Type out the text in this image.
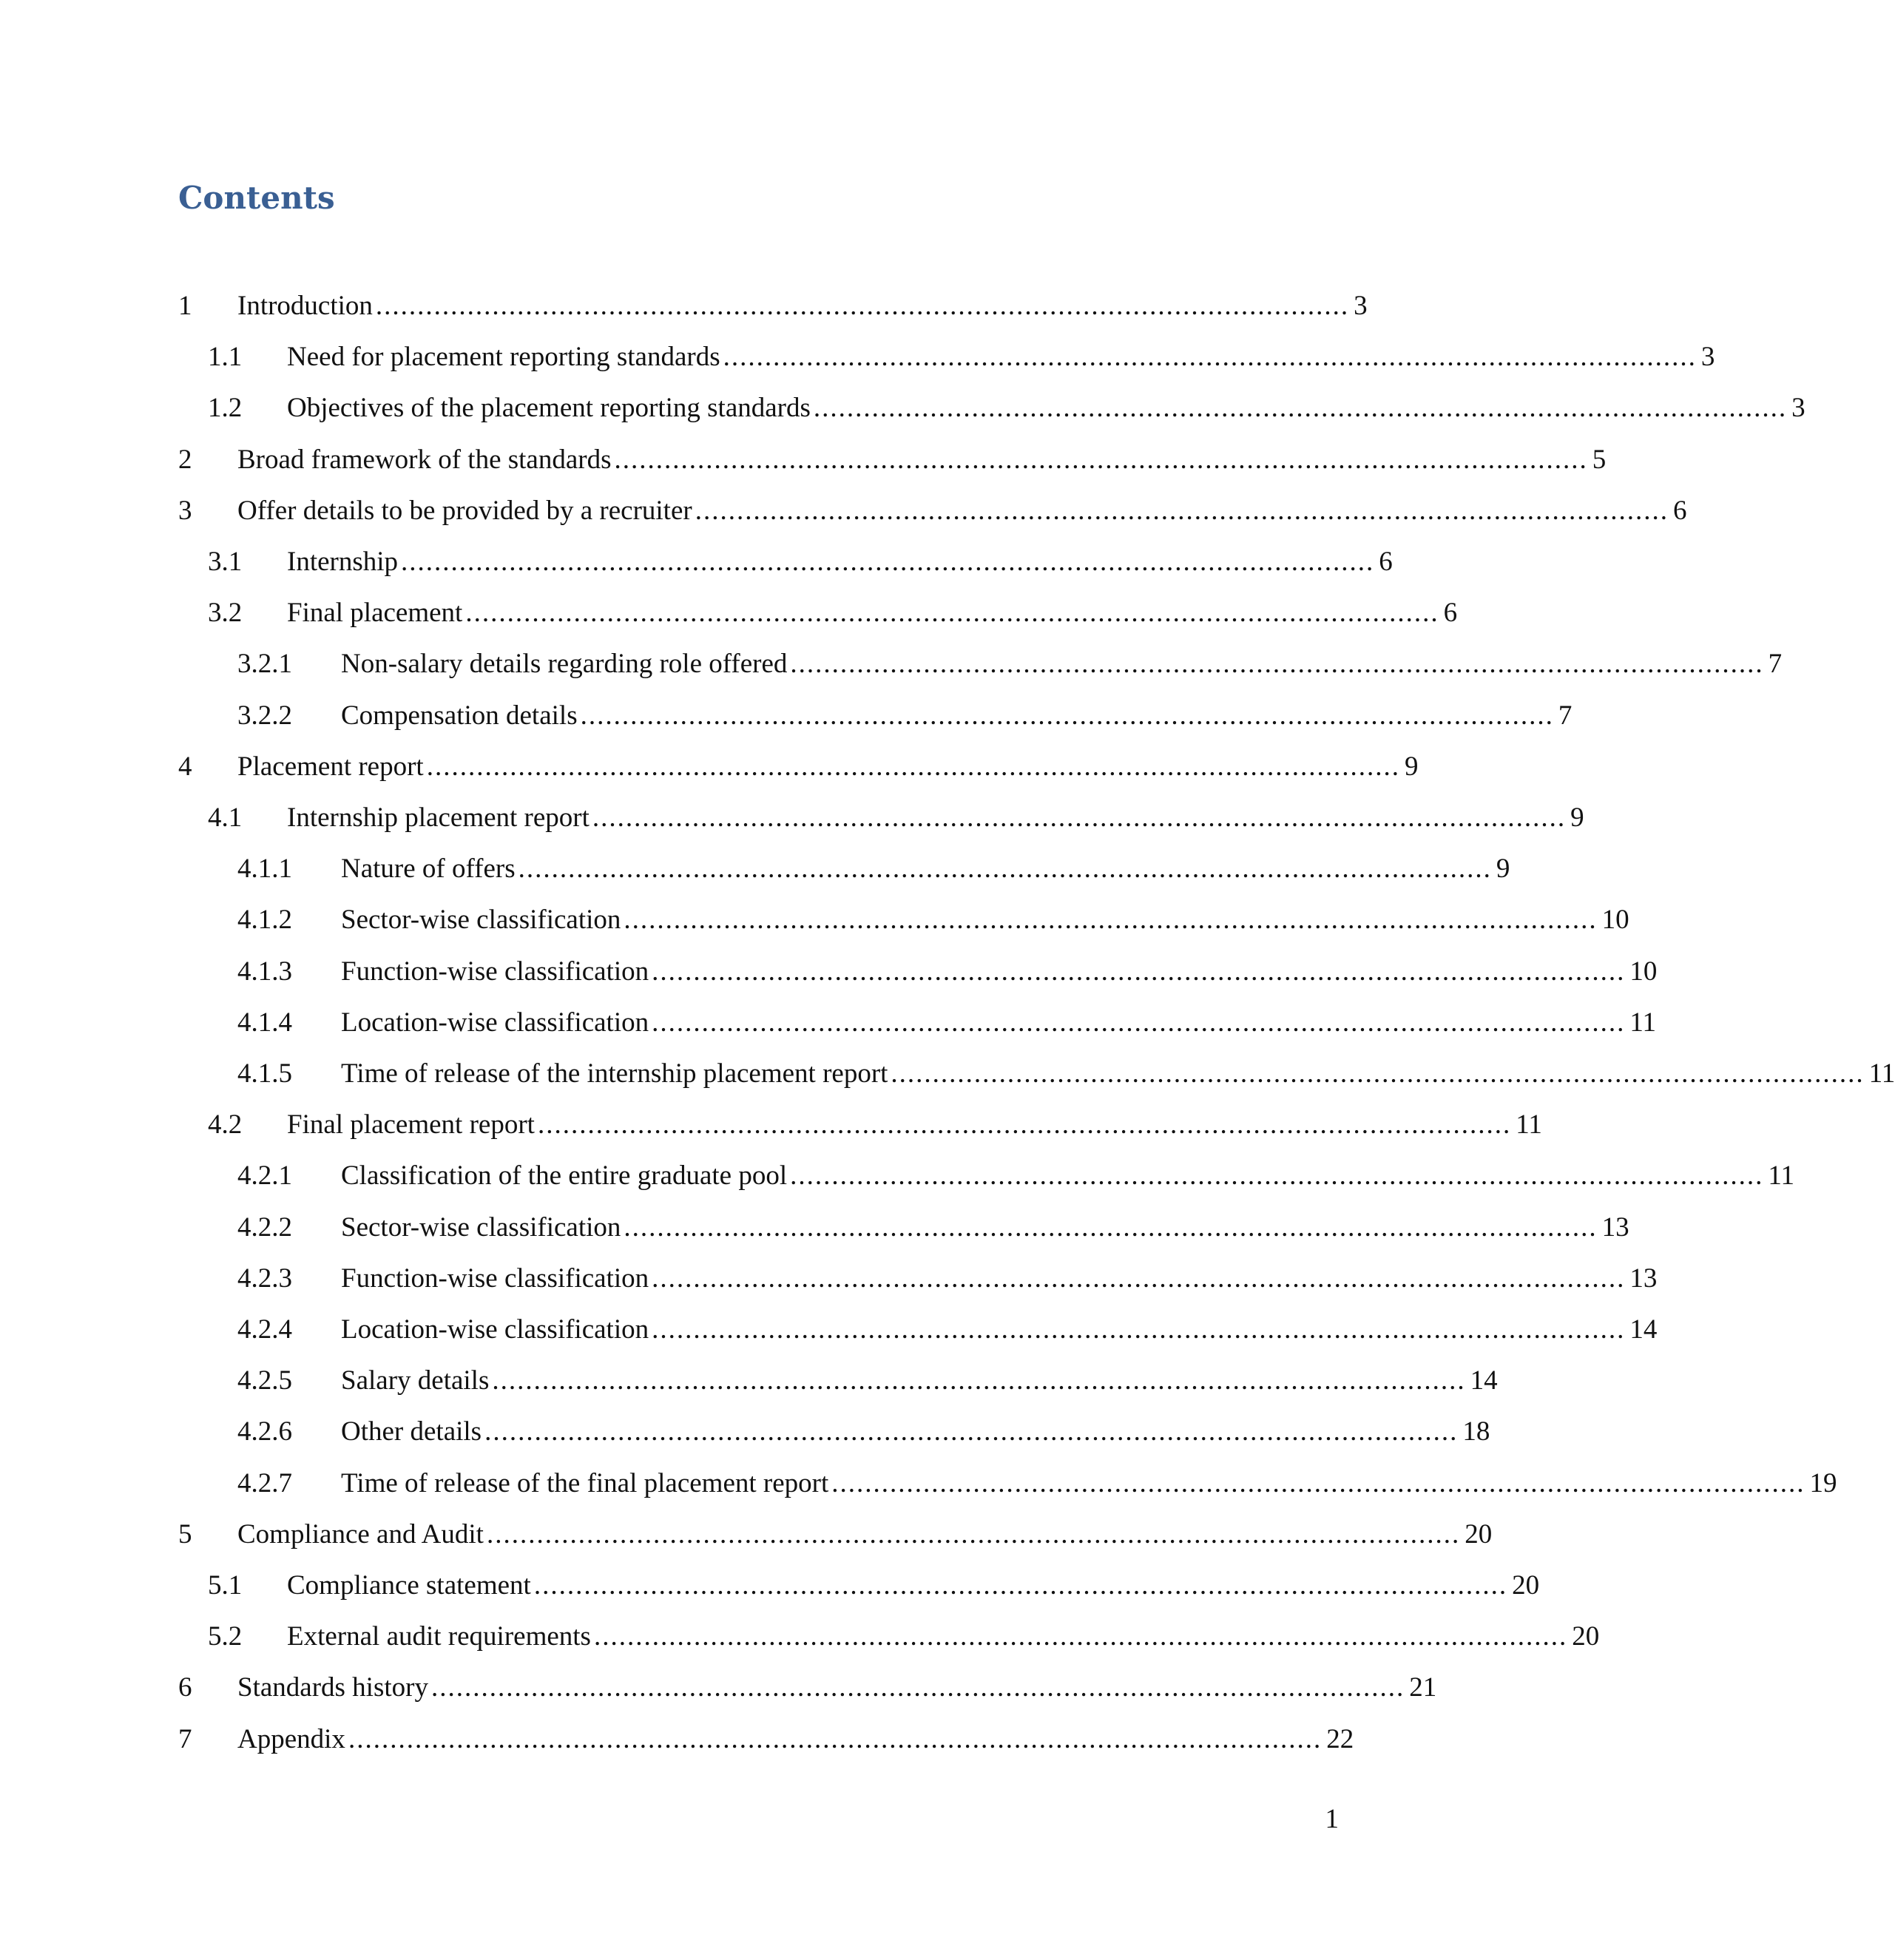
Contents
1 Introduction ..................................................................................................................... 3
1.1 Need for placement reporting standards ..................................................................................................................... 3
1.2 Objectives of the placement reporting standards ..................................................................................................................... 3
2 Broad framework of the standards ..................................................................................................................... 5
3 Offer details to be provided by a recruiter ..................................................................................................................... 6
3.1 Internship ..................................................................................................................... 6
3.2 Final placement ..................................................................................................................... 6
3.2.1 Non-salary details regarding role offered ..................................................................................................................... 7
3.2.2 Compensation details ..................................................................................................................... 7
4 Placement report ..................................................................................................................... 9
4.1 Internship placement report ..................................................................................................................... 9
4.1.1 Nature of offers ..................................................................................................................... 9
4.1.2 Sector-wise classification ..................................................................................................................... 10
4.1.3 Function-wise classification ..................................................................................................................... 10
4.1.4 Location-wise classification ..................................................................................................................... 11
4.1.5 Time of release of the internship placement report ..................................................................................................................... 11
4.2 Final placement report ..................................................................................................................... 11
4.2.1 Classification of the entire graduate pool ..................................................................................................................... 11
4.2.2 Sector-wise classification ..................................................................................................................... 13
4.2.3 Function-wise classification ..................................................................................................................... 13
4.2.4 Location-wise classification ..................................................................................................................... 14
4.2.5 Salary details ..................................................................................................................... 14
4.2.6 Other details ..................................................................................................................... 18
4.2.7 Time of release of the final placement report ..................................................................................................................... 19
5 Compliance and Audit ..................................................................................................................... 20
5.1 Compliance statement ..................................................................................................................... 20
5.2 External audit requirements ..................................................................................................................... 20
6 Standards history ..................................................................................................................... 21
7 Appendix ..................................................................................................................... 22
1
